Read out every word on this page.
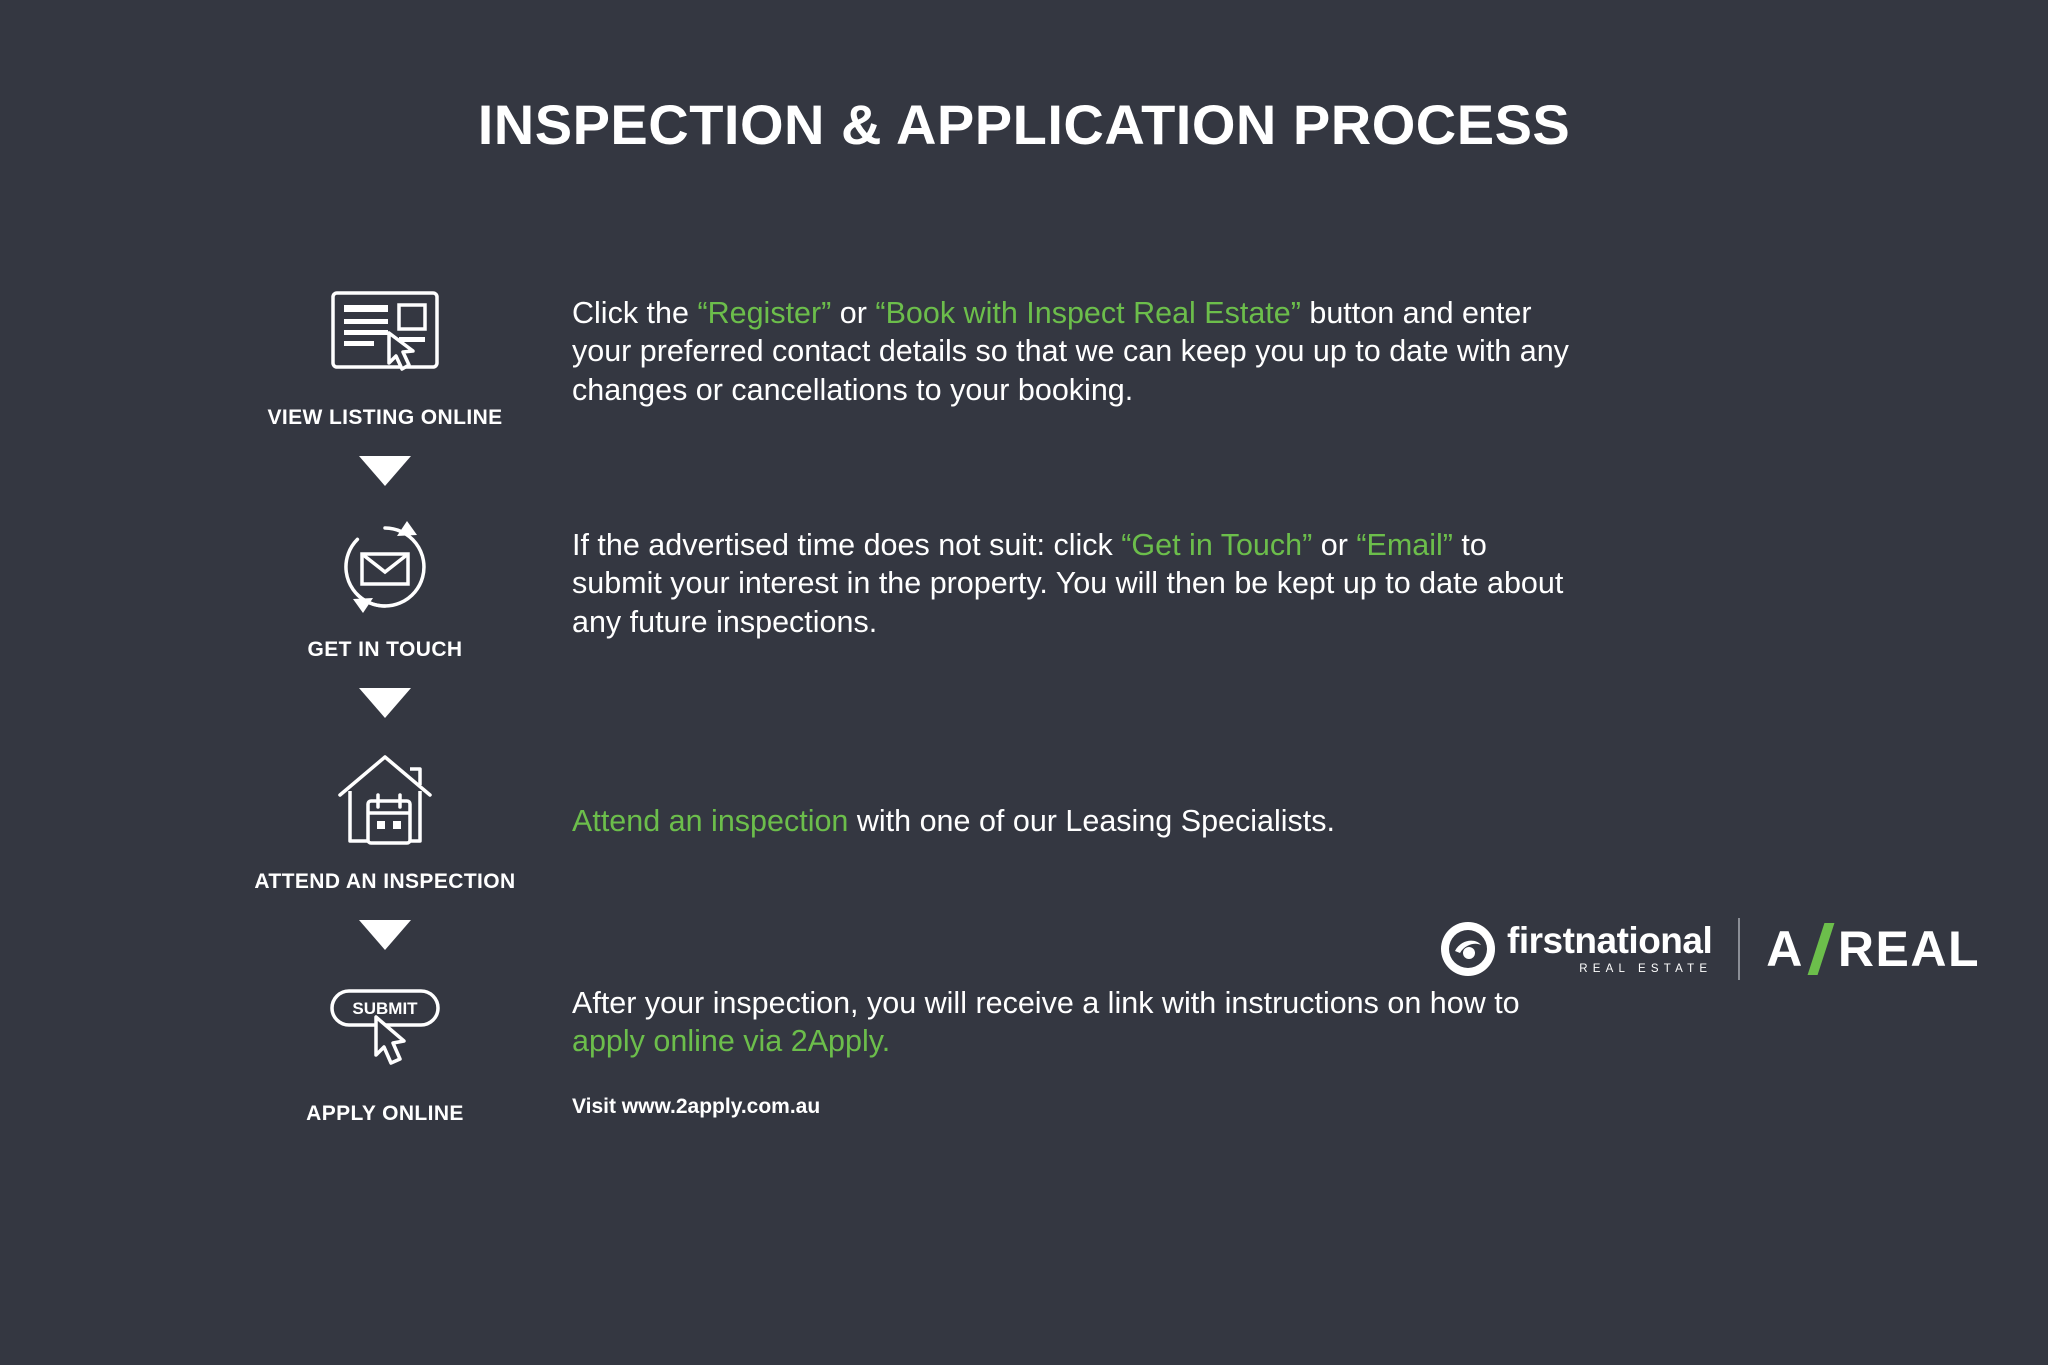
INSPECTION & APPLICATION PROCESS
VIEW LISTING ONLINE
Click the “Register” or “Book with Inspect Real Estate” button and enter your preferred contact details so that we can keep you up to date with any changes or cancellations to your booking.
GET IN TOUCH
If the advertised time does not suit: click “Get in Touch” or “Email” to submit your interest in the property. You will then be kept up to date about any future inspections.
ATTEND AN INSPECTION
Attend an inspection with one of our Leasing Specialists.
SUBMIT
APPLY ONLINE
After your inspection, you will receive a link with instructions on how to apply online via 2Apply.
Visit www.2apply.com.au
firstnational
REAL ESTATE A REAL
